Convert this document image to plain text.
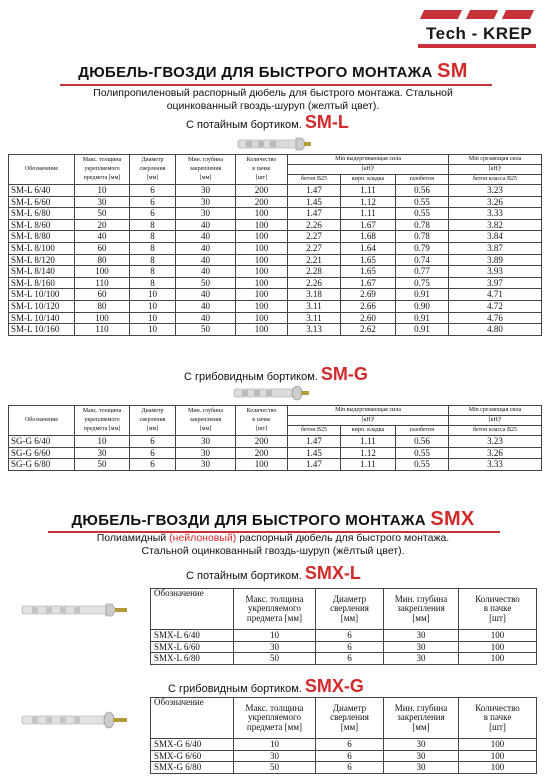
Tech - KREP
ДЮБЕЛЬ-ГВОЗДИ ДЛЯ БЫСТРОГО МОНТАЖА SM
Полипропиленовый распорный дюбель для быстрого монтажа. Стальной
оцинкованный гвоздь-шуруп (желтый цвет).
С потайным бортиком. SM-L
Обозначение	Макс. толщина
укрепляемого
предмета [мм]	Диаметр
сверления
[мм]	Мин. глубина
закрепления
[мм]	Количество
в пачке
[шт]	Min выдергивающая сила			Min срезающая сила
					[кН]¹			[кН]¹
					бетон B25	кирп. кладка	газобетон	бетон класса B25
SM-L 6/40	10	6	30	200	1.47	1.11	0.56	3.23
SM-L 6/60	30	6	30	200	1.45	1.12	0.55	3.26
SM-L 6/80	50	6	30	100	1.47	1.11	0.55	3.33
SM-L 8/60	20	8	40	100	2.26	1.67	0.78	3.82
SM-L 8/80	40	8	40	100	2.27	1.68	0.78	3.84
SM-L 8/100	60	8	40	100	2.27	1.64	0.79	3.87
SM-L 8/120	80	8	40	100	2.21	1.65	0.74	3.89
SM-L 8/140	100	8	40	100	2.28	1.65	0.77	3.93
SM-L 8/160	110	8	50	100	2.26	1.67	0.75	3.97
SM-L 10/100	60	10	40	100	3.18	2.69	0.91	4.71
SM-L 10/120	80	10	40	100	3.11	2.66	0.90	4.72
SM-L 10/140	100	10	40	100	3.11	2.60	0.91	4.76
SM-L 10/160	110	10	50	100	3.13	2.62	0.91	4.80
С грибовидным бортиком. SM-G
Обозначение	Макс. толщина
укрепляемого
предмета [мм]	Диаметр
сверления
[мм]	Мин. глубина
закрепления
[мм]	Количество
в пачке
[шт]	Min выдергивающая сила			Min срезающая сила
					[кН]¹			[кН]¹
					бетон B25	кирп. кладка	газобетон	бетон класса B25
SG-G 6/40	10	6	30	200	1.47	1.11	0.56	3.23
SG-G 6/60	30	6	30	200	1.45	1.12	0.55	3.26
SG-G 6/80	50	6	30	100	1.47	1.11	0.55	3.33
ДЮБЕЛЬ-ГВОЗДИ ДЛЯ БЫСТРОГО МОНТАЖА SMX
Полиамидный (нейлоновый) распорный дюбель для быстрого монтажа.
Стальной оцинкованный гвоздь-шуруп (жёлтый цвет).
С потайным бортиком. SMX-L
Обозначение	Макс. толщина
укрепляемого
предмета [мм]	Диаметр
сверления
[мм]	Мин. глубина
закрепления
[мм]	Количество
в пачке
[шт]
SMX-L 6/40	10	6	30	100
SMX-L 6/60	30	6	30	100
SMX-L 6/80	50	6	30	100
С грибовидным бортиком. SMX-G
Обозначение	Макс. толщина
укрепляемого
предмета [мм]	Диаметр
сверления
[мм]	Мин. глубина
закрепления
[мм]	Количество
в пачке
[шт]
SMX-G 6/40	10	6	30	100
SMX-G 6/60	30	6	30	100
SMX-G 6/80	50	6	30	100
